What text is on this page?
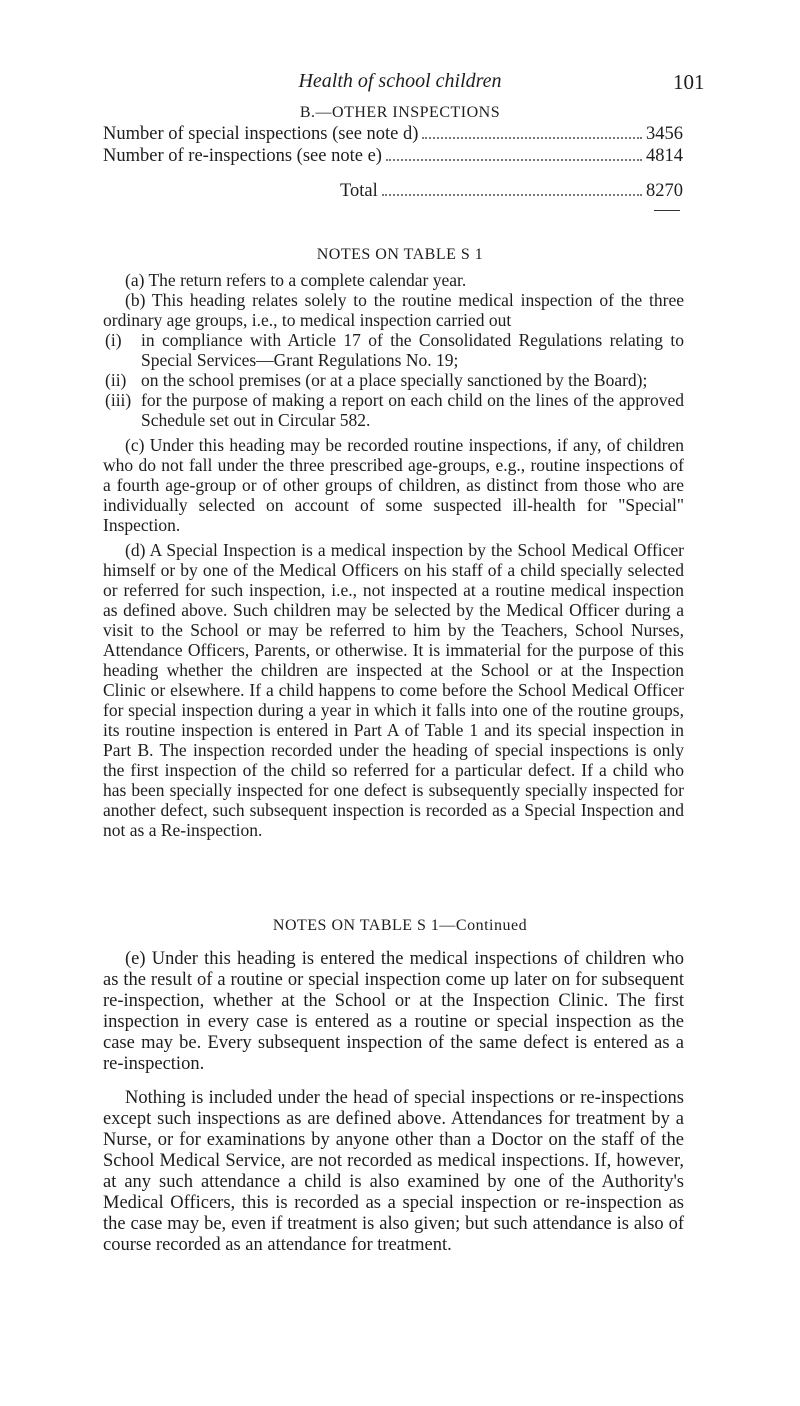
Health of school children	101
B.—OTHER INSPECTIONS
Number of special inspections (see note d)	3456
Number of re-inspections (see note e)	4814
Total	8270
NOTES ON TABLE S 1

(a) The return refers to a complete calendar year.

(b) This heading relates solely to the routine medical inspection of the three ordinary age groups, i.e., to medical inspection carried out

(i)	in compliance with Article 17 of the Consolidated Regulations relating to Special Services—Grant Regulations No. 19;
(ii) on the school premises (or at a place specially sanctioned by the Board);
(iii) for the purpose of making a report on each child on the lines of the approved Schedule set out in Circular 582.

(c) Under this heading may be recorded routine inspections, if any, of children who do not fall under the three prescribed age-groups, e.g., routine inspections of a fourth age-group or of other groups of children, as distinct from those who are individually selected on account of some suspected ill-health for "Special" Inspection.

(d) A Special Inspection is a medical inspection by the School Medical Officer himself or by one of the Medical Officers on his staff of a child specially selected or referred for such inspection, i.e., not inspected at a routine medical inspection as defined above. Such children may be selected by the Medical Officer during a visit to the School or may be referred to him by the Teachers, School Nurses, Attendance Officers, Parents, or otherwise. It is immaterial for the purpose of this heading whether the children are inspected at the School or at the Inspection Clinic or elsewhere. If a child happens to come before the School Medical Officer for special inspection during a year in which it falls into one of the routine groups, its routine inspection is entered in Part A of Table 1 and its special inspection in Part B. The inspection recorded under the heading of special inspections is only the first inspection of the child so referred for a particular defect. If a child who has been specially inspected for one defect is subsequently specially inspected for another defect, such subsequent inspection is recorded as a Special Inspection and not as a Re-inspection.

NOTES ON TABLE S 1—Continued

(e) Under this heading is entered the medical inspections of children who as the result of a routine or special inspection come up later on for subsequent re-inspection, whether at the School or at the Inspection Clinic. The first inspection in every case is entered as a routine or special inspection as the case may be. Every subsequent inspection of the same defect is entered as a re-inspection.

Nothing is included under the head of special inspections or re-inspections except such inspections as are defined above. Attendances for treatment by a Nurse, or for examinations by anyone other than a Doctor on the staff of the School Medical Service, are not recorded as medical inspections. If, however, at any such attendance a child is also examined by one of the Authority's Medical Officers, this is recorded as a special inspection or re-inspection as the case may be, even if treatment is also given; but such attendance is also of course recorded as an attendance for treatment.
